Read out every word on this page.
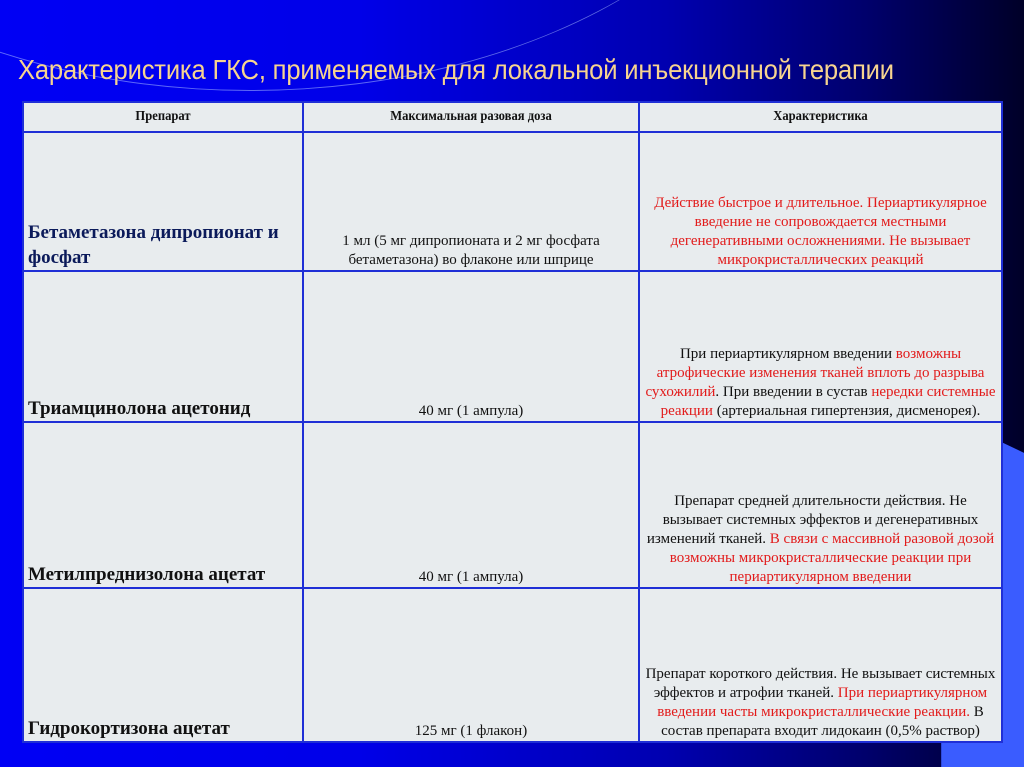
Характеристика ГКС, применяемых для локальной инъекционной терапии
Препарат	Максимальная разовая доза	Характеристика
Бетаметазона дипропионат и фосфат	1 мл (5 мг дипропионата и 2 мг фосфата бетаметазона) во флаконе или шприце	Действие быстрое и длительное. Периартикулярное введение не сопровождается местными дегенеративными осложнениями. Не вызывает микрокристаллических реакций
Триамцинолона ацетонид	40 мг (1 ампула)	При периартикулярном введении возможны атрофические изменения тканей вплоть до разрыва сухожилий. При введении в сустав нередки системные реакции (артериальная гипертензия, дисменорея).
Метилпреднизолона ацетат	40 мг (1 ампула)	Препарат средней длительности действия. Не вызывает системных эффектов и дегенеративных изменений тканей. В связи с массивной разовой дозой возможны микрокристаллические реакции при периартикулярном введении
Гидрокортизона ацетат	125 мг (1 флакон)	Препарат короткого действия. Не вызывает системных эффектов и атрофии тканей. При периартикулярном введении часты микрокристаллические реакции. В состав препарата входит лидокаин (0,5% раствор)
